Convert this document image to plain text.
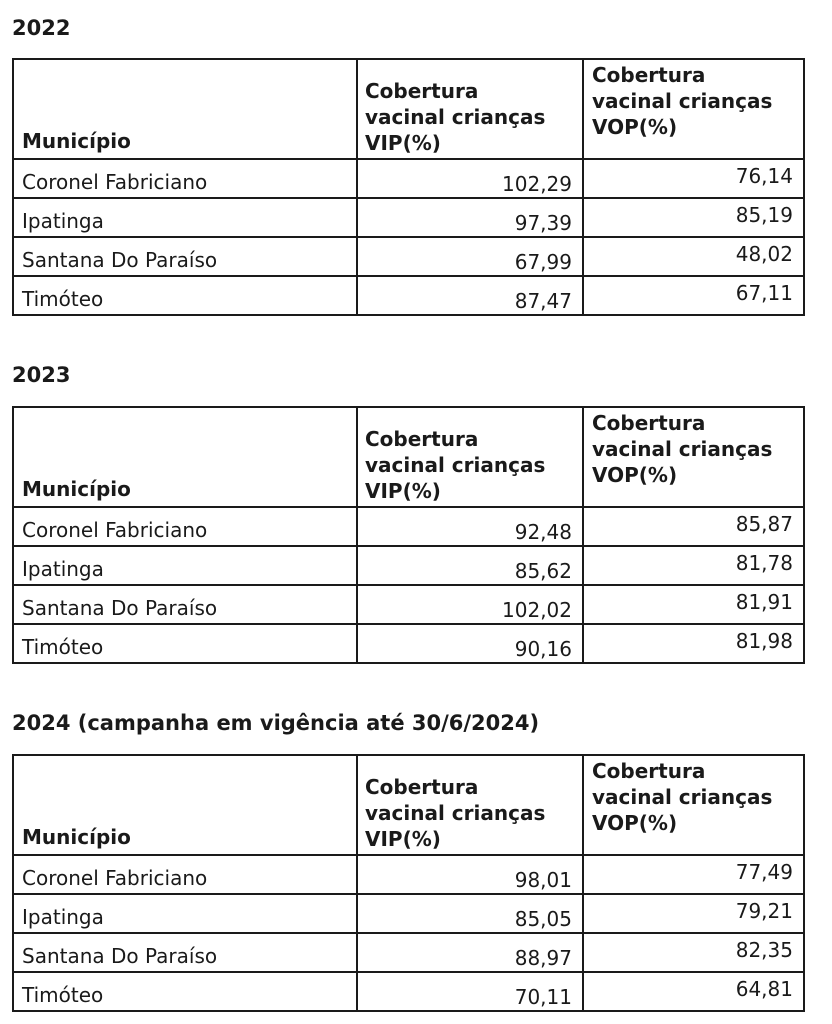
2022
Município	Cobertura
vacinal crianças
VIP(%)	Cobertura
vacinal crianças
VOP(%)

Coronel Fabriciano	102,29	76,14
Ipatinga	97,39	85,19
Santana Do Paraíso	67,99	48,02
Timóteo	87,47	67,11
2023
Município	Cobertura
vacinal crianças
VIP(%)	Cobertura
vacinal crianças
VOP(%)

Coronel Fabriciano	92,48	85,87
Ipatinga	85,62	81,78
Santana Do Paraíso	102,02	81,91
Timóteo	90,16	81,98
2024 (campanha em vigência até 30/6/2024)
Município	Cobertura
vacinal crianças
VIP(%)	Cobertura
vacinal crianças
VOP(%)

Coronel Fabriciano	98,01	77,49
Ipatinga	85,05	79,21
Santana Do Paraíso	88,97	82,35
Timóteo	70,11	64,81
